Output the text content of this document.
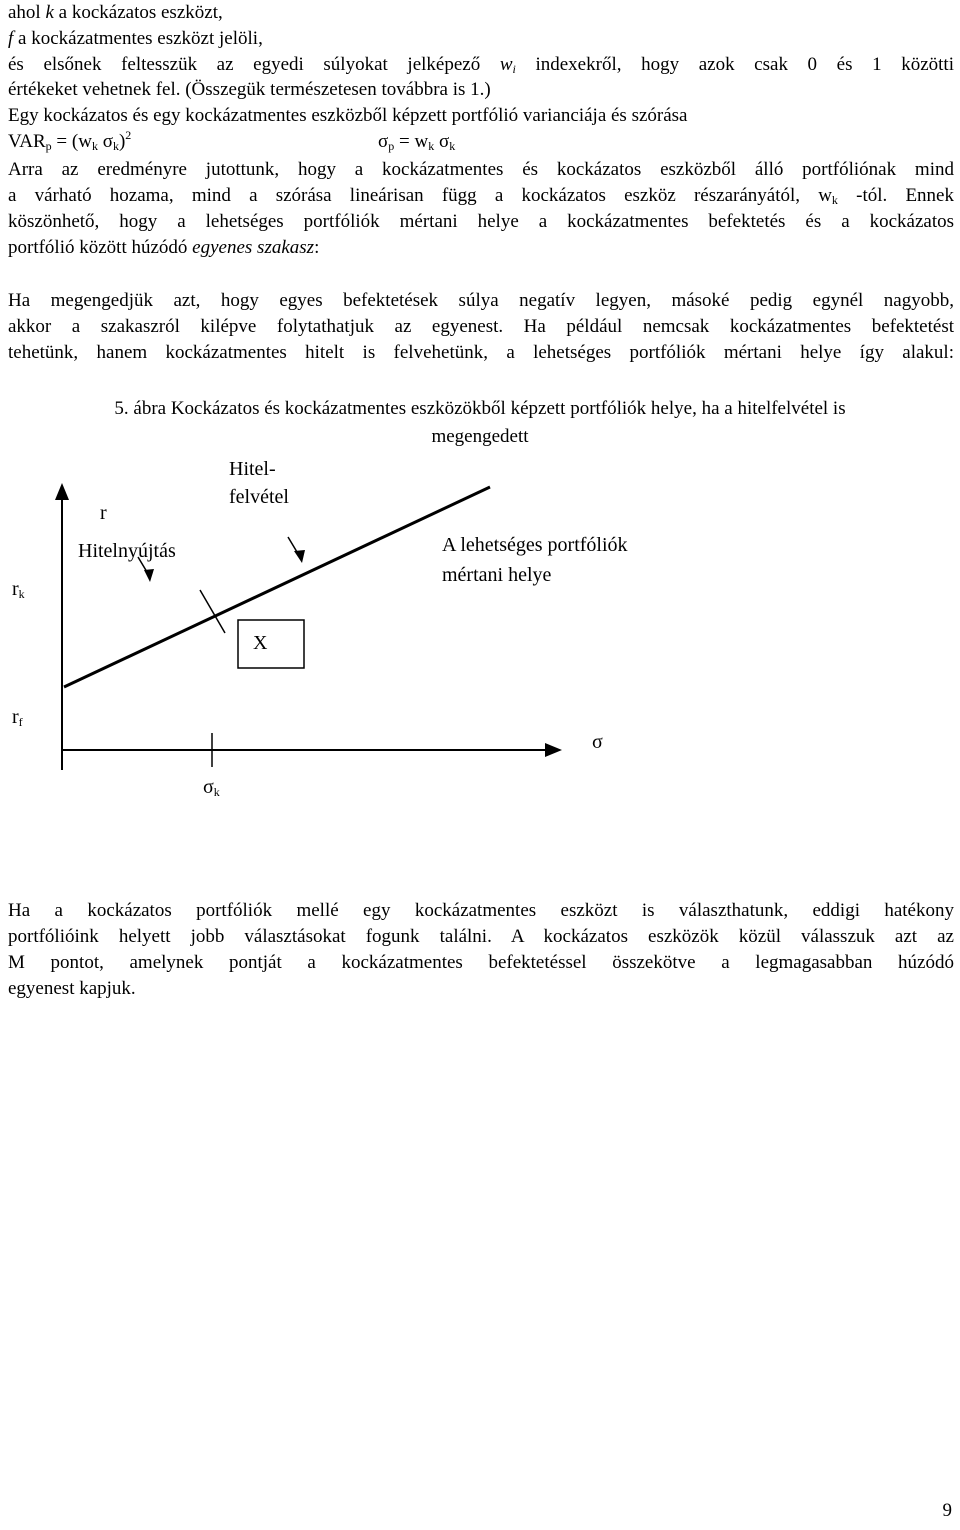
ahol k a kockázatos eszközt,
f a kockázatmentes eszközt jelöli,
és elsőnek feltesszük az egyedi súlyokat jelképező $w_i$ indexekről, hogy azok csak 0 és 1 közötti
értékeket vehetnek fel. (Összegük természetesen továbbra is 1.)
Egy kockázatos és egy kockázatmentes eszközből képzett portfólió varianciája és szórása
$VAR_p = (w_k$ $\sigma_k)^2$	$\sigma_p = w_k$ $\sigma_k$
Arra az eredményre jutottunk, hogy a kockázatmentes és kockázatos eszközből álló portfóliónak mind
a várható hozama, mind a szórása lineárisan függ a kockázatos eszköz részarányától, $w_k$ -tól. Ennek
köszönhető, hogy a lehetséges portfóliók mértani helye a kockázatmentes befektetés és a kockázatos
portfólió között húzódó egyenes szakasz:
Ha megengedjük azt, hogy egyes befektetések súlya negatív legyen, másoké pedig egynél nagyobb,
akkor a szakaszról kilépve folytathatjuk az egyenest. Ha például nemcsak kockázatmentes befektetést
tehetünk, hanem kockázatmentes hitelt is felvehetünk, a lehetséges portfóliók mértani helye így alakul:
5. ábra Kockázatos és kockázatmentes eszközökből képzett portfóliók helye, ha a hitelfelvétel is
megengedett
Hitel-
felvétel
r
Hitelnyújtás	A lehetséges portfóliók
mértani helye
$r_k$
X
$r_f$
σ
$\sigma_k$
Ha a kockázatos portfóliók mellé egy kockázatmentes eszközt is választhatunk, eddigi hatékony
portfólióink helyett jobb választásokat fogunk találni. A kockázatos eszközök közül válasszuk azt az
M pontot, amelynek pontját a kockázatmentes befektetéssel összekötve a legmagasabban húzódó
egyenest kapjuk.
9
